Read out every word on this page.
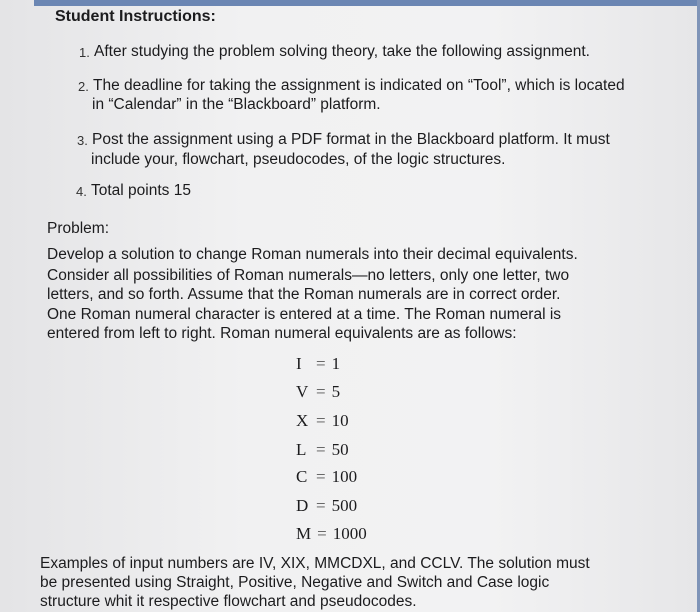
Student Instructions:
1. After studying the problem solving theory, take the following assignment.
2. The deadline for taking the assignment is indicated on “Tool”, which is located
in “Calendar” in the “Blackboard” platform.
3. Post the assignment using a PDF format in the Blackboard platform. It must
include your, flowchart, pseudocodes, of the logic structures.
4. Total points 15
Problem:
Develop a solution to change Roman numerals into their decimal equivalents.
Consider all possibilities of Roman numerals—no letters, only one letter, two
letters, and so forth. Assume that the Roman numerals are in correct order.
One Roman numeral character is entered at a time. The Roman numeral is
entered from left to right. Roman numeral equivalents are as follows:
I = 1
V = 5
X = 10
L = 50
C = 100
D = 500
M = 1000
Examples of input numbers are IV, XIX, MMCDXL, and CCLV. The solution must
be presented using Straight, Positive, Negative and Switch and Case logic
structure whit it respective flowchart and pseudocodes.
